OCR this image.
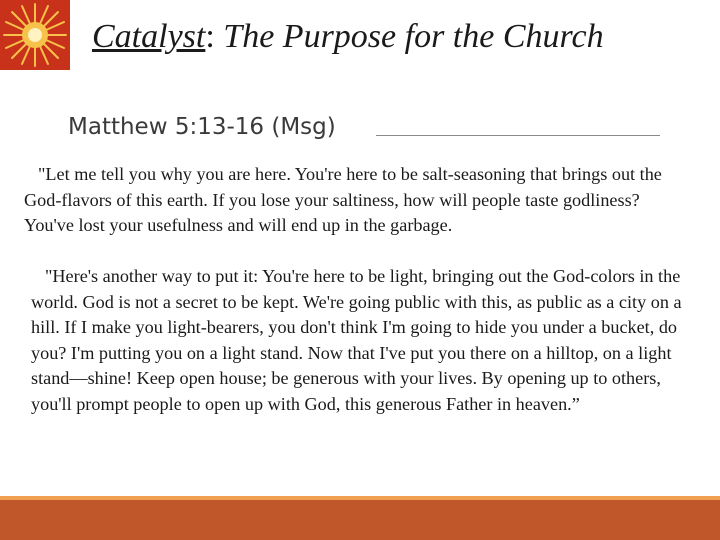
Catalyst: The Purpose for the Church
Matthew 5:13-16 (Msg)

"Let me tell you why you are here. You're here to be salt-seasoning that brings out the God-flavors of this earth. If you lose your saltiness, how will people taste godliness? You've lost your usefulness and will end up in the garbage.

"Here's another way to put it: You're here to be light, bringing out the God-colors in the world. God is not a secret to be kept. We're going public with this, as public as a city on a hill. If I make you light-bearers, you don't think I'm going to hide you under a bucket, do you? I'm putting you on a light stand. Now that I've put you there on a hilltop, on a light stand—shine! Keep open house; be generous with your lives. By opening up to others, you'll prompt people to open up with God, this generous Father in heaven.”
